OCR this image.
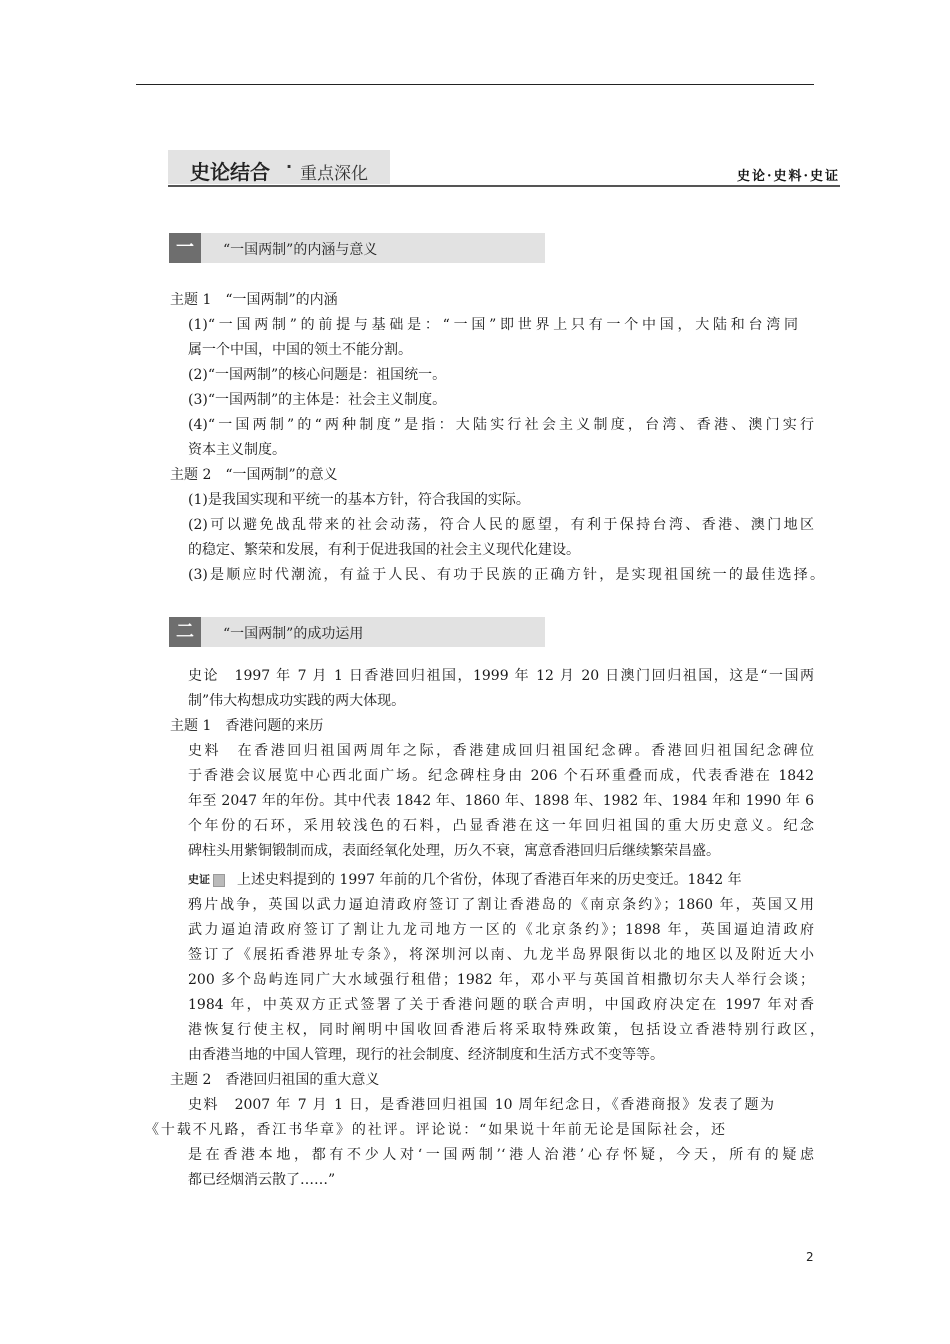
史论结合 · 重点深化	史论·史料·史证
一	“一国两制”的内涵与意义
主题 1　“一国两制”的内涵
(1)“一国两制”的前提与基础是：“一国”即世界上只有一个中国，大陆和台湾同
属一个中国，中国的领土不能分割。
(2)“一国两制”的核心问题是：祖国统一。
(3)“一国两制”的主体是：社会主义制度。
(4)“一国两制”的“两种制度”是指：大陆实行社会主义制度，台湾、香港、澳门实行
资本主义制度。
主题 2　“一国两制”的意义
(1)是我国实现和平统一的基本方针，符合我国的实际。
(2)可以避免战乱带来的社会动荡，符合人民的愿望，有利于保持台湾、香港、澳门地区
的稳定、繁荣和发展，有利于促进我国的社会主义现代化建设。
(3)是顺应时代潮流，有益于人民、有功于民族的正确方针，是实现祖国统一的最佳选择。
二	“一国两制”的成功运用
史论　1997 年 7 月 1 日香港回归祖国，1999 年 12 月 20 日澳门回归祖国，这是“一国两
制”伟大构想成功实践的两大体现。
主题 1　香港问题的来历
史料　在香港回归祖国两周年之际，香港建成回归祖国纪念碑。香港回归祖国纪念碑位
于香港会议展览中心西北面广场。纪念碑柱身由 206 个石环重叠而成，代表香港在 1842
年至 2047 年的年份。其中代表 1842 年、1860 年、1898 年、1982 年、1984 年和 1990 年 6
个年份的石环，采用较浅色的石料，凸显香港在这一年回归祖国的重大历史意义。纪念
碑柱头用紫铜锻制而成，表面经氧化处理，历久不衰，寓意香港回归后继续繁荣昌盛。
史证 上述史料提到的 1997 年前的几个省份，体现了香港百年来的历史变迁。1842 年
鸦片战争，英国以武力逼迫清政府签订了割让香港岛的《南京条约》；1860 年，英国又用
武力逼迫清政府签订了割让九龙司地方一区的《北京条约》；1898 年，英国逼迫清政府
签订了《展拓香港界址专条》，将深圳河以南、九龙半岛界限街以北的地区以及附近大小
200 多个岛屿连同广大水域强行租借；1982 年，邓小平与英国首相撒切尔夫人举行会谈；
1984 年，中英双方正式签署了关于香港问题的联合声明，中国政府决定在 1997 年对香
港恢复行使主权，同时阐明中国收回香港后将采取特殊政策，包括设立香港特别行政区，
由香港当地的中国人管理，现行的社会制度、经济制度和生活方式不变等等。
主题 2　香港回归祖国的重大意义
史料　2007 年 7 月 1 日，是香港回归祖国 10 周年纪念日，《香港商报》发表了题为
《十载不凡路，香江书华章》的社评。评论说：“如果说十年前无论是国际社会，还
是在香港本地，都有不少人对‘一国两制’‘港人治港’心存怀疑，今天，所有的疑虑
都已经烟消云散了……”
2
